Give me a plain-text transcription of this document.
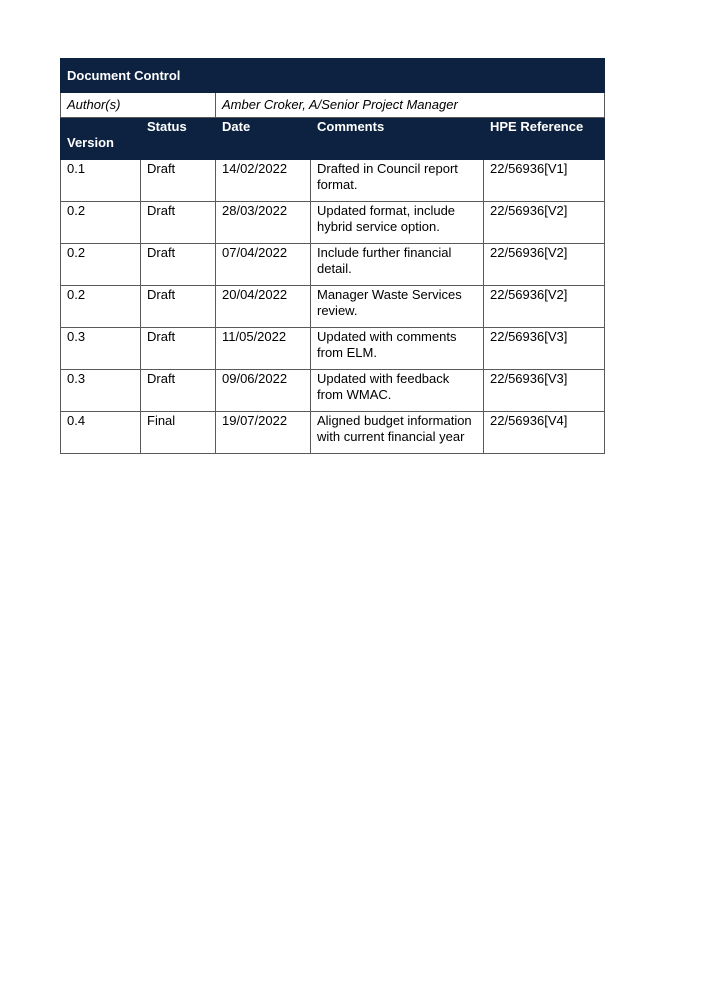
Document Control				
Author(s)		Amber Croker, A/Senior Project Manager		
Version	Status	Date	Comments	HPE Reference
0.1	Draft	14/02/2022	Drafted in Council report format.	22/56936[V1]
0.2	Draft	28/03/2022	Updated format, include hybrid service option.	22/56936[V2]
0.2	Draft	07/04/2022	Include further financial detail.	22/56936[V2]
0.2	Draft	20/04/2022	Manager Waste Services review.	22/56936[V2]
0.3	Draft	11/05/2022	Updated with comments from ELM.	22/56936[V3]
0.3	Draft	09/06/2022	Updated with feedback from WMAC.	22/56936[V3]
0.4	Final	19/07/2022	Aligned budget information with current financial year	22/56936[V4]
